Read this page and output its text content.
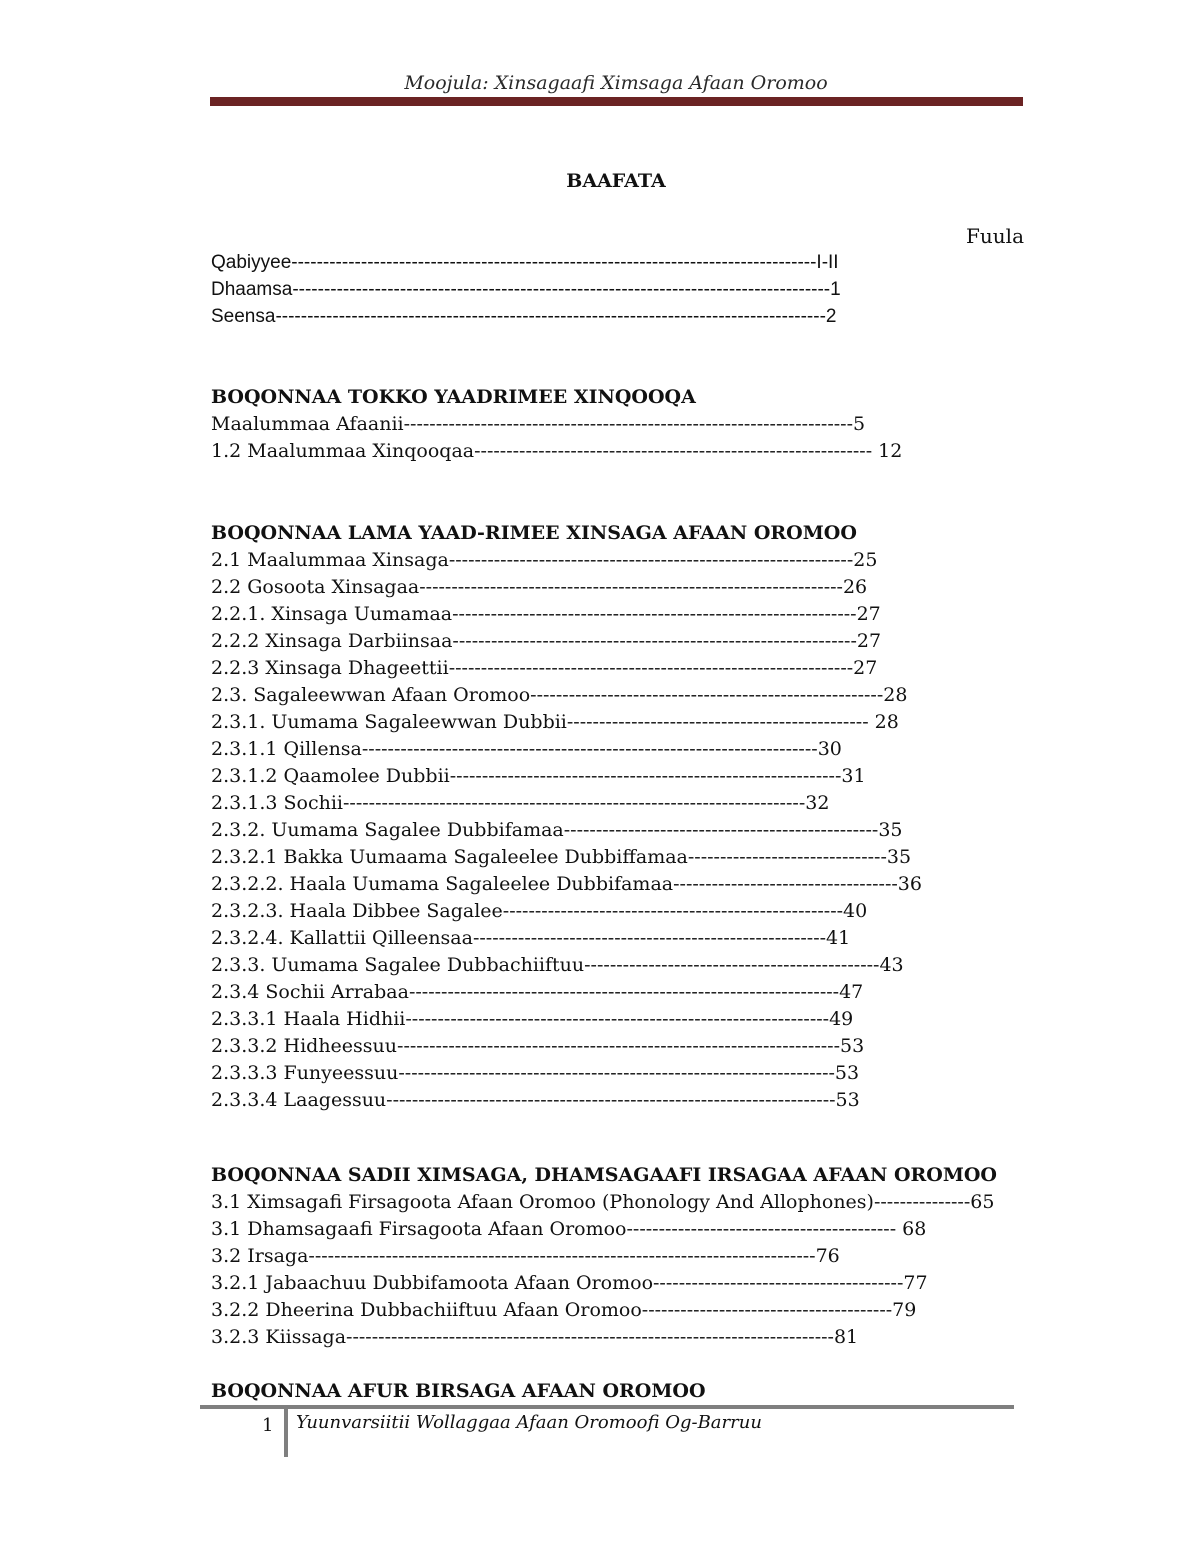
Moojula: Xinsagaafi Ximsaga Afaan Oromoo
BAAFATA
Fuula
Qabiyyee-----------------------------------------------------------------------------------I-II
Dhaamsa-------------------------------------------------------------------------------------1
Seensa---------------------------------------------------------------------------------------2
Maalummaa Afaanii----------------------------------------------------------------------5
1.2 Maalummaa Xinqooqaa-------------------------------------------------------------- 12
2.1 Maalummaa Xinsaga---------------------------------------------------------------25
2.2 Gosoota Xinsagaa------------------------------------------------------------------26
2.2.1. Xinsaga Uumamaa---------------------------------------------------------------27
2.2.2 Xinsaga Darbiinsaa---------------------------------------------------------------27
2.2.3 Xinsaga Dhageettii---------------------------------------------------------------27
2.3. Sagaleewwan Afaan Oromoo-------------------------------------------------------28
2.3.1. Uumama Sagaleewwan Dubbii----------------------------------------------- 28
2.3.1.1 Qillensa-----------------------------------------------------------------------30
2.3.1.2 Qaamolee Dubbii-------------------------------------------------------------31
2.3.1.3 Sochii------------------------------------------------------------------------32
2.3.2. Uumama Sagalee Dubbifamaa-------------------------------------------------35
2.3.2.1 Bakka Uumaama Sagaleelee Dubbiffamaa-------------------------------35
2.3.2.2. Haala Uumama Sagaleelee Dubbifamaa-----------------------------------36
2.3.2.3. Haala Dibbee Sagalee-----------------------------------------------------40
2.3.2.4. Kallattii Qilleensaa-------------------------------------------------------41
2.3.3. Uumama Sagalee Dubbachiiftuu----------------------------------------------43
2.3.4 Sochii Arrabaa-------------------------------------------------------------------47
2.3.3.1 Haala Hidhii------------------------------------------------------------------49
2.3.3.2 Hidheessuu---------------------------------------------------------------------53
2.3.3.3 Funyeessuu--------------------------------------------------------------------53
2.3.3.4 Laagessuu----------------------------------------------------------------------53
3.1 Ximsagafi Firsagoota Afaan Oromoo (Phonology And Allophones)---------------65
3.1 Dhamsagaafi Firsagoota Afaan Oromoo------------------------------------------ 68
3.2 Irsaga-------------------------------------------------------------------------------76
3.2.1 Jabaachuu Dubbifamoota Afaan Oromoo---------------------------------------77
3.2.2 Dheerina Dubbachiiftuu Afaan Oromoo---------------------------------------79
3.2.3 Kiissaga----------------------------------------------------------------------------81
BOQONNAA TOKKO YAADRIMEE XINQOOQA
BOQONNAA LAMA YAAD-RIMEE XINSAGA AFAAN OROMOO
BOQONNAA SADII XIMSAGA, DHAMSAGAAFI IRSAGAA AFAAN OROMOO
BOQONNAA AFUR BIRSAGA AFAAN OROMOO
1 Yuunvarsiitii Wollaggaa Afaan Oromoofi Og-Barruu
